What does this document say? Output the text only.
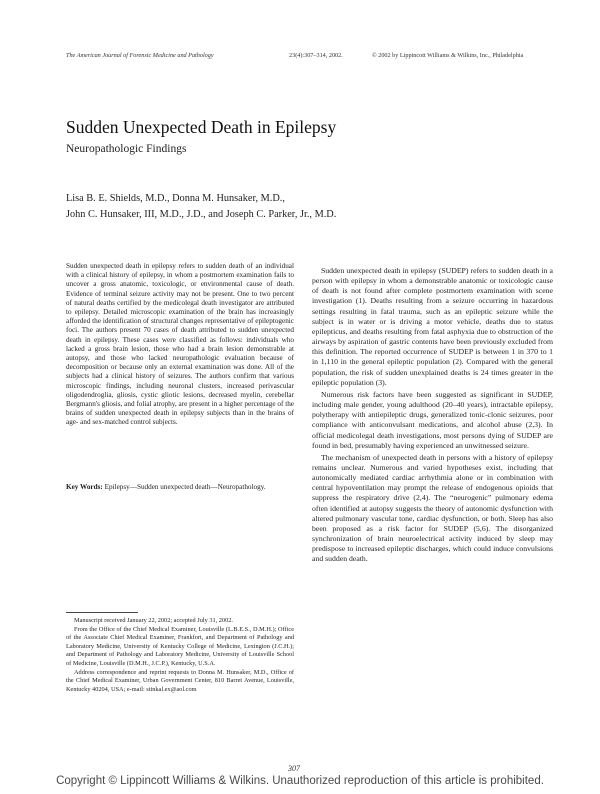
The American Journal of Forensic Medicine and Pathology	23(4):307–314, 2002.	© 2002 by Lippincott Williams & Wilkins, Inc., Philadelphia
Sudden Unexpected Death in Epilepsy
Neuropathologic Findings
Lisa B. E. Shields, M.D., Donna M. Hunsaker, M.D.,
John C. Hunsaker, III, M.D., J.D., and Joseph C. Parker, Jr., M.D.
Sudden unexpected death in epilepsy refers to sudden death of an individual with a clinical history of epilepsy, in whom a postmortem examination fails to uncover a gross anatomic, toxicologic, or environmental cause of death. Evidence of terminal seizure activity may not be present. One to two percent of natural deaths certified by the medicolegal death investigator are attributed to epilepsy. Detailed microscopic examination of the brain has increasingly afforded the identification of structural changes representative of epileptogenic foci. The authors present 70 cases of death attributed to sudden unexpected death in epilepsy. These cases were classified as follows: individuals who lacked a gross brain lesion, those who had a brain lesion demonstrable at autopsy, and those who lacked neuropathologic evaluation because of decomposition or because only an external examination was done. All of the subjects had a clinical history of seizures. The authors confirm that various microscopic findings, including neuronal clusters, increased perivascular oligodendroglia, gliosis, cystic gliotic lesions, decreased myelin, cerebellar Bergmann's gliosis, and folial atrophy, are present in a higher percentage of the brains of sudden unexpected death in epilepsy subjects than in the brains of age- and sex-matched control subjects.
Key Words: Epilepsy—Sudden unexpected death—Neuropathology.

Manuscript received January 22, 2002; accepted July 31, 2002.

From the Office of the Chief Medical Examiner, Louisville (L.B.E.S., D.M.H.); Office of the Associate Chief Medical Examiner, Frankfort, and Department of Pathology and Laboratory Medicine, University of Kentucky College of Medicine, Lexington (J.C.H.); and Department of Pathology and Laboratory Medicine, University of Louisville School of Medicine, Louisville (D.M.H., J.C.P.), Kentucky, U.S.A.

Address correspondence and reprint requests to Donna M. Hunsaker, M.D., Office of the Chief Medical Examiner, Urban Government Center, 810 Barret Avenue, Louisville, Kentucky 40204, USA; e-mail: stinkal.ex@aol.com

Sudden unexpected death in epilepsy (SUDEP) refers to sudden death in a person with epilepsy in whom a demonstrable anatomic or toxicologic cause of death is not found after complete postmortem examination with scene investigation (1). Deaths resulting from a seizure occurring in hazardous settings resulting in fatal trauma, such as an epileptic seizure while the subject is in water or is driving a motor vehicle, deaths due to status epilepticus, and deaths resulting from fatal asphyxia due to obstruction of the airways by aspiration of gastric contents have been previously excluded from this definition. The reported occurrence of SUDEP is between 1 in 370 to 1 in 1,110 in the general epileptic population (2). Compared with the general population, the risk of sudden unexplained deaths is 24 times greater in the epileptic population (3).

Numerous risk factors have been suggested as significant in SUDEP, including male gender, young adulthood (20–40 years), intractable epilepsy, polytherapy with antiepileptic drugs, generalized tonic-clonic seizures, poor compliance with anticonvulsant medications, and alcohol abuse (2,3). In official medicolegal death investigations, most persons dying of SUDEP are found in bed, presumably having experienced an unwitnessed seizure.

The mechanism of unexpected death in persons with a history of epilepsy remains unclear. Numerous and varied hypotheses exist, including that autonomically mediated cardiac arrhythmia alone or in combination with central hypoventilation may prompt the release of endogenous opioids that suppress the respiratory drive (2,4). The “neurogenic” pulmonary edema often identified at autopsy suggests the theory of autonomic dysfunction with altered pulmonary vascular tone, cardiac dysfunction, or both. Sleep has also been proposed as a risk factor for SUDEP (5,6). The disorganized synchronization of brain neuroelectrical activity induced by sleep may predispose to increased epileptic discharges, which could induce convulsions and sudden death.

307
Copyright © Lippincott Williams & Wilkins. Unauthorized reproduction of this article is prohibited.
